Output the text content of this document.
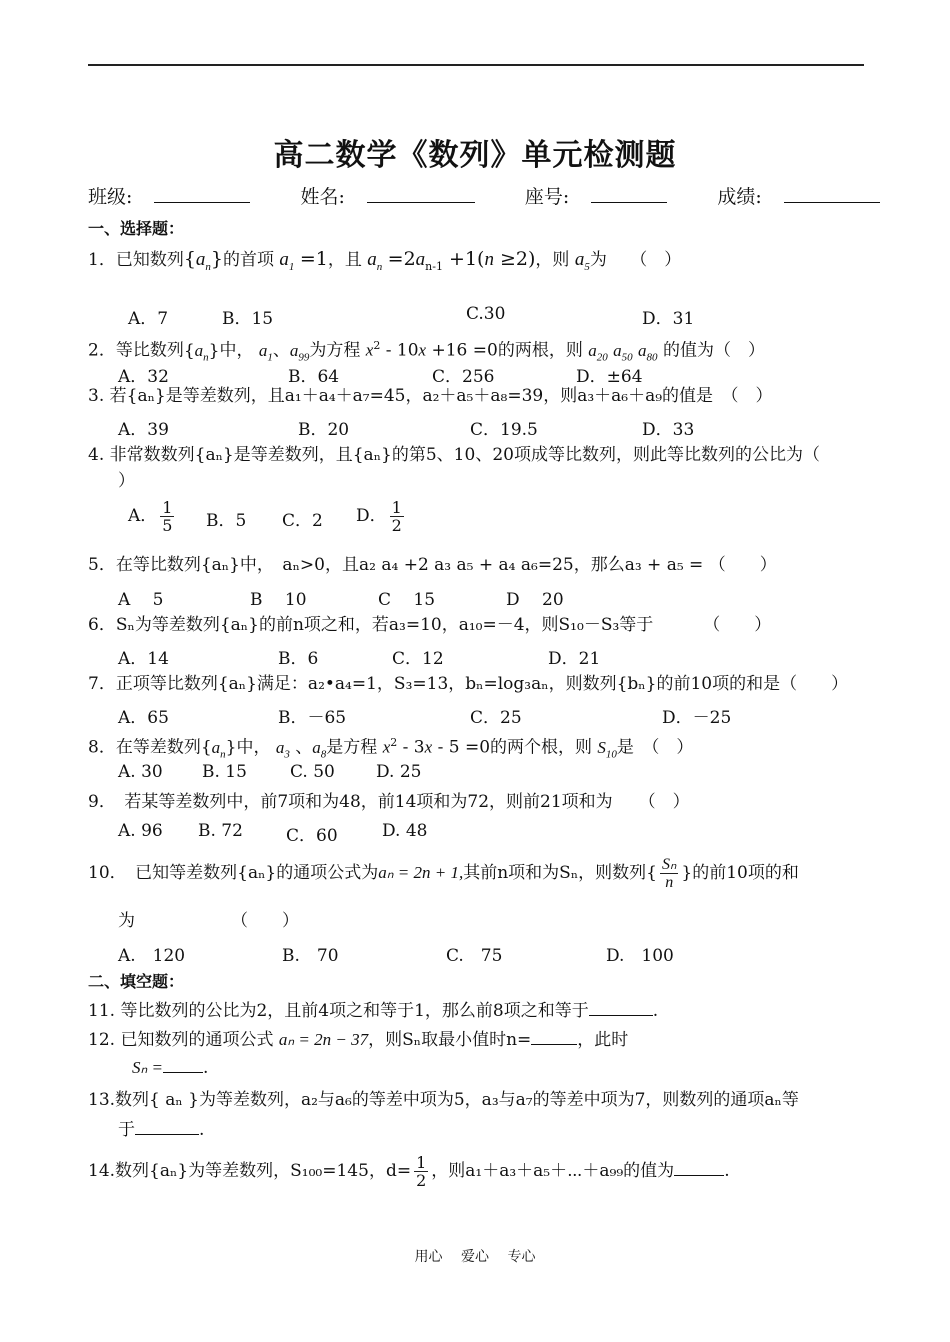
高二数学《数列》单元检测题
班级:	姓名:	座号:	成绩:
一、选择题：
1．已知数列$\{a_n\}$的首项 $a_1 =1$，且 $a_n =2a_{n-1} +1(n \ge 2)$，则 $a_5$为 （　）
A．7	B．15	C.30	D．31
2．等比数列$\{a_n\}$中， $a_1$、$a_{99}$为方程 $x^2 - 10x +16 =0$的两根，则 $a_{20}$ $a_{50}$ $a_{80}$ 的值为（　）
A．32	B．64	C．256	D．±64
3. 若{aₙ}是等差数列，且a₁＋a₄＋a₇=45，a₂＋a₅＋a₈=39，则a₃＋a₆＋a₉的值是　（　）
A．39	B．20	C．19.5	D．33
4. 非常数数列{aₙ}是等差数列，且{aₙ}的第5、10、20项成等比数列，则此等比数列的公比为（
）
A． $\frac{1}{5}$ B．5 C．2 D． $\frac{1}{2}$
5．在等比数列{aₙ}中，　aₙ>0，且a₂ a₄ +2 a₃ a₅ + a₄ a₆=25，那么a₃ + a₅ = （　　）
A　 5	B　 10	C　 15	D　 20
6．Sₙ为等差数列{aₙ}的前n项之和，若a₃=10，a₁₀=－4，则S₁₀－S₃等于	（　　）
A．14	B．6	C．12	D．21
7．正项等比数列{aₙ}满足：a₂•a₄=1，S₃=13，bₙ=log₃aₙ，则数列{bₙ}的前10项的和是（　　）
A．65	B．－65	C．25	D．－25
8．在等差数列$\{a_n\}$中， $a_3$ 、$a_8$是方程 $x^2 - 3x - 5 =0$的两个根，则 $S_{10}$是　（　）
A. 30 B. 15	C. 50 D. 25
9．　若某等差数列中，前7项和为48，前14项和为72，则前21项和为 （　）
A. 96 B. 72	C．60	D. 48
10．　已知等差数列{aₙ}的通项公式为aₙ = 2n + 1,其前n项和为Sₙ，则数列{ $\frac{\text{Sₙ}}{n}$ }的前10项的和
为	（　　）
A.　120	B.　70	C.　75	D.　100
二、填空题：
11. 等比数列的公比为2，且前4项之和等于1，那么前8项之和等于	.
12. 已知数列的通项公式 aₙ = 2n − 37，则Sₙ取最小值时n=	，此时
Sₙ = .
13.数列{ aₙ }为等差数列，a₂与a₆的等差中项为5，a₃与a₇的等差中项为7，则数列的通项aₙ等
于	.
14.数列{aₙ}为等差数列，S₁₀₀=145，$d= \frac{1}{2}$ ，则a₁＋a₃＋a₅＋⋯＋a₉₉的值为	.
用心 爱心 专心
